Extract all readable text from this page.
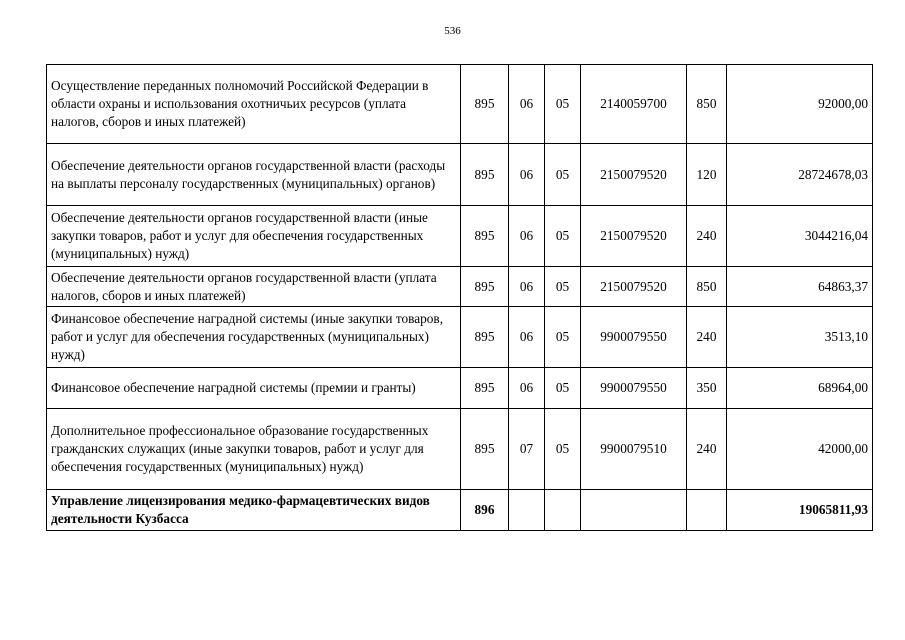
536
Осуществление переданных полномочий Российской Федерации в области охраны и использования охотничьих ресурсов (уплата налогов, сборов и иных платежей)	895	06	05	2140059700	850	92000,00
Обеспечение деятельности органов государственной власти (расходы на выплаты персоналу государственных (муниципальных) органов)	895	06	05	2150079520	120	28724678,03
Обеспечение деятельности органов государственной власти (иные закупки товаров, работ и услуг для обеспечения государственных (муниципальных) нужд)	895	06	05	2150079520	240	3044216,04
Обеспечение деятельности органов государственной власти (уплата налогов, сборов и иных платежей)	895	06	05	2150079520	850	64863,37
Финансовое обеспечение наградной системы (иные закупки товаров, работ и услуг для обеспечения государственных (муниципальных) нужд)	895	06	05	9900079550	240	3513,10
Финансовое обеспечение наградной системы (премии и гранты)	895	06	05	9900079550	350	68964,00
Дополнительное профессиональное образование государственных гражданских служащих (иные закупки товаров, работ и услуг для обеспечения государственных (муниципальных) нужд)	895	07	05	9900079510	240	42000,00
Управление лицензирования медико-фармацевтических видов деятельности Кузбасса	896					19065811,93
